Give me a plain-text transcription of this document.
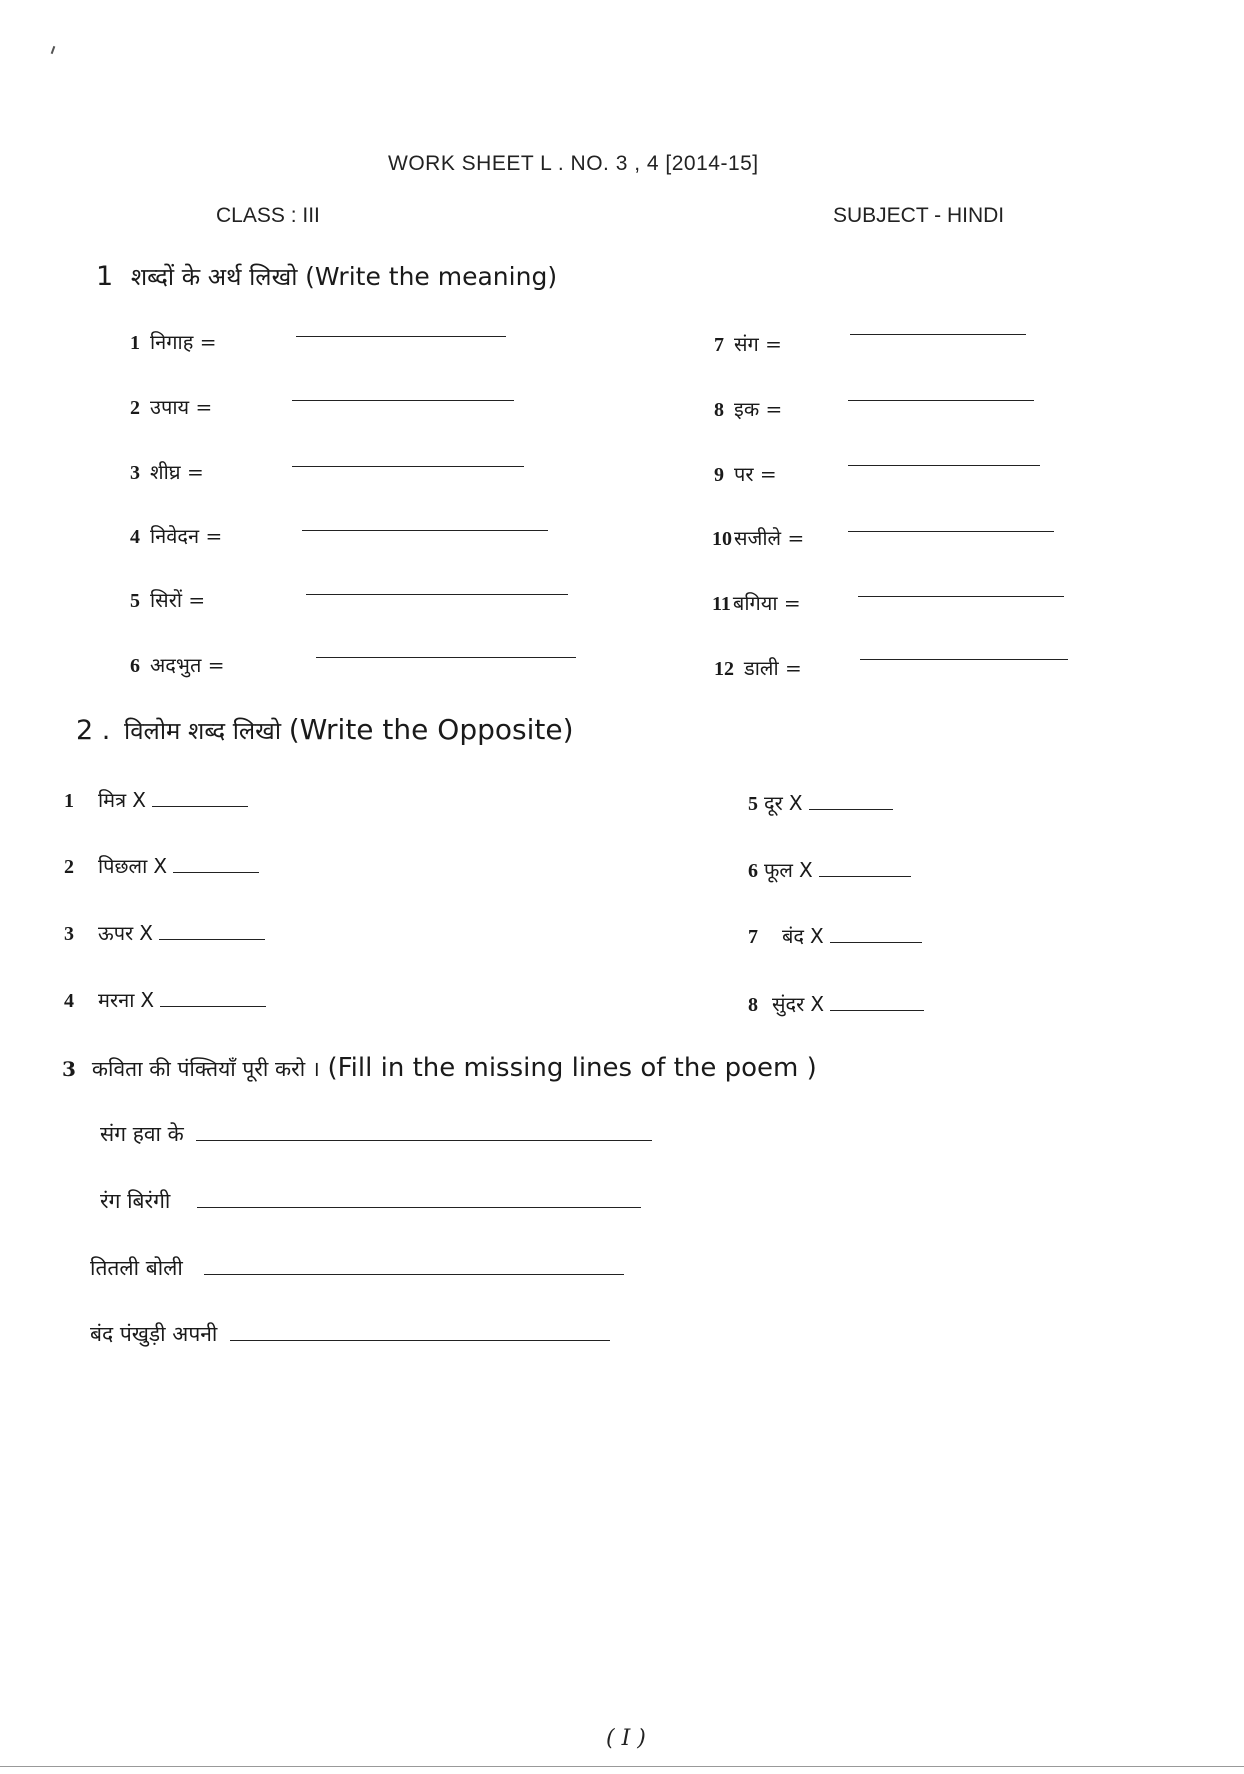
WORK SHEET L . NO. 3 , 4 [2014-15]
CLASS : III	SUBJECT - HINDI
1 शब्दों के अर्थ लिखो (Write the meaning)
1 निगाह =
2 उपाय =
3 शीघ्र =
4 निवेदन =
5 सिरों =
6 अदभुत =
7 संग =
8 इक =
9 पर =
10 सजीले =
11 बगिया =
12 डाली =
2 . विलोम शब्द लिखो (Write the Opposite)
1 मित्र X
2 पिछला X
3 ऊपर X
4 मरना X
5 दूर X
6 फूल X
7 बंद X
8 सुंदर X
3 कविता की पंक्तियाँ पूरी करो । (Fill in the missing lines of the poem )
संग हवा के
रंग बिरंगी
तितली बोली
बंद पंखुड़ी अपनी
( I )
